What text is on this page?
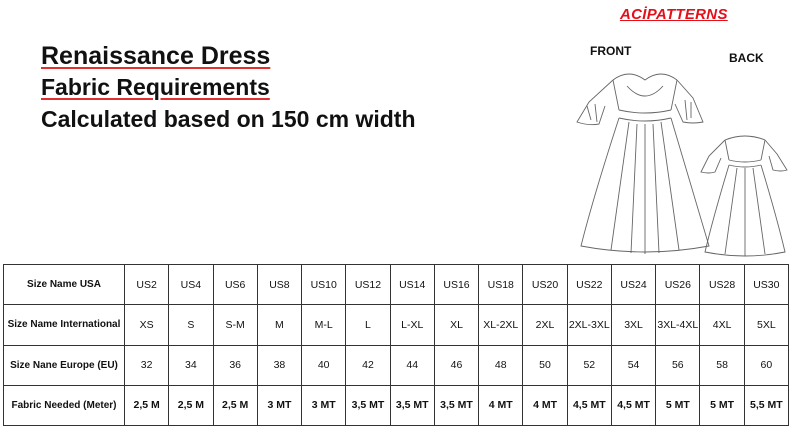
ACİPATTERNS
Renaissance Dress
Fabric Requirements
Calculated based on 150 cm width
FRONT	BACK
Size Name USA	US2	US4	US6	US8	US10	US12	US14	US16	US18	US20	US22	US24	US26	US28	US30
Size Name International	XS	S	S-M	M	M-L	L	L-XL	XL	XL-2XL	2XL	2XL-3XL	3XL	3XL-4XL	4XL	5XL
Size Nane Europe (EU)	32	34	36	38	40	42	44	46	48	50	52	54	56	58	60
Fabric Needed (Meter)	2,5 M	2,5 M	2,5 M	3 MT	3 MT	3,5 MT	3,5 MT	3,5 MT	4 MT	4 MT	4,5 MT	4,5 MT	5 MT	5 MT	5,5 MT
